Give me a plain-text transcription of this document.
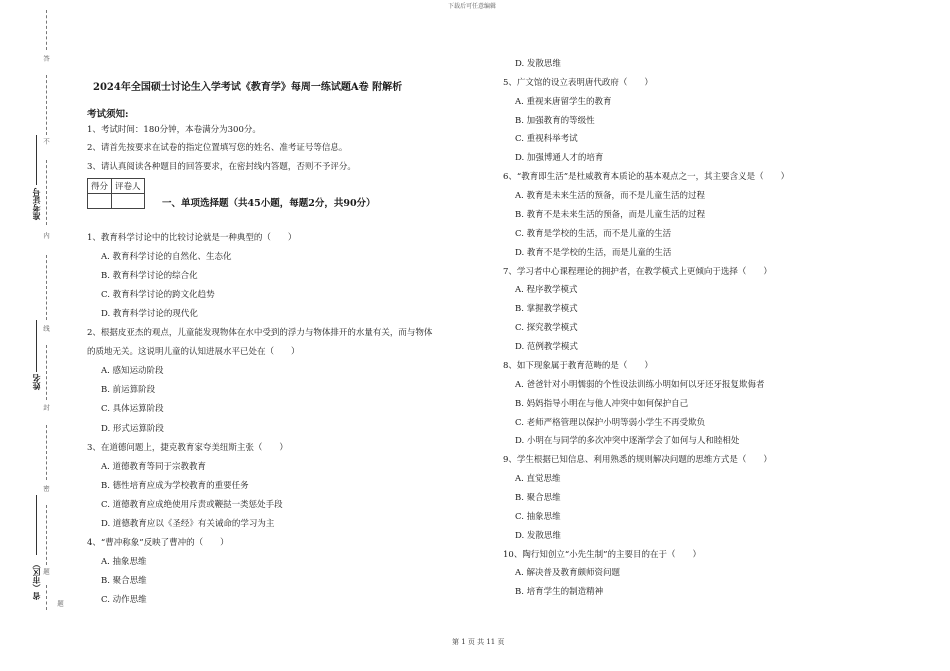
下载后可任意编辑
第 1 页 共 11 页
答
不
内
线
封
密
题
题
准考证号
姓名
省（市区）
2024年全国硕士讨论生入学考试《教育学》每周一练试题A卷 附解析
考试须知:
1、考试时间：180分钟，本卷满分为300分。
2、请首先按要求在试卷的指定位置填写您的姓名、准考证号等信息。
3、请认真阅读各种题目的回答要求，在密封线内答题，否则不予评分。
得分	评卷人

一、单项选择题（共45小题，每题2分，共90分）
1、教育科学讨论中的比较讨论就是一种典型的（　　）
A. 教育科学讨论的自然化、生态化
B. 教育科学讨论的综合化
C. 教育科学讨论的跨文化趋势
D. 教育科学讨论的现代化
2、根据皮亚杰的观点，儿童能发现物体在水中受到的浮力与物体排开的水量有关，而与物体
的质地无关。这说明儿童的认知进展水平已处在（　　）
A. 感知运动阶段
B. 前运算阶段
C. 具体运算阶段
D. 形式运算阶段
3、在道德问题上，捷克教育家夸美纽斯主张（　　）
A. 道德教育等同于宗教教育
B. 德性培育应成为学校教育的重要任务
C. 道德教育应成绝使用斥责或鞭挞一类惩处手段
D. 道德教育应以《圣经》有关诫命的学习为主
4、“曹冲称象”反映了曹冲的（　　）
A. 抽象思维
B. 聚合思维
C. 动作思维
D. 发散思维
5、广文馆的设立表明唐代政府（　　）
A. 重视来唐留学生的教育
B. 加强教育的等级性
C. 重视科举考试
D. 加强博通人才的培育
6、“教育即生活”是杜威教育本质论的基本观点之一，其主要含义是（　　）
A. 教育是未来生活的预备，而不是儿童生活的过程
B. 教育不是未来生活的预备，而是儿童生活的过程
C. 教育是学校的生活，而不是儿童的生活
D. 教育不是学校的生活，而是儿童的生活
7、学习者中心课程理论的拥护者，在教学模式上更倾向于选择（　　）
A. 程序教学模式
B. 掌握教学模式
C. 探究教学模式
D. 范例教学模式
8、如下现象属于教育范畴的是（　　）
A. 爸爸针对小明懦弱的个性设法训练小明如何以牙还牙报复欺侮者
B. 妈妈指导小明在与他人冲突中如何保护自己
C. 老师严格管理以保护小明等弱小学生不再受欺负
D. 小明在与同学的多次冲突中逐渐学会了如何与人和睦相处
9、学生根据已知信息、利用熟悉的规则解决问题的思维方式是（　　）
A. 直觉思维
B. 聚合思维
C. 抽象思维
D. 发散思维
10、陶行知创立“小先生制”的主要目的在于（　　）
A. 解决普及教育颇师资问题
B. 培育学生的制造精神
